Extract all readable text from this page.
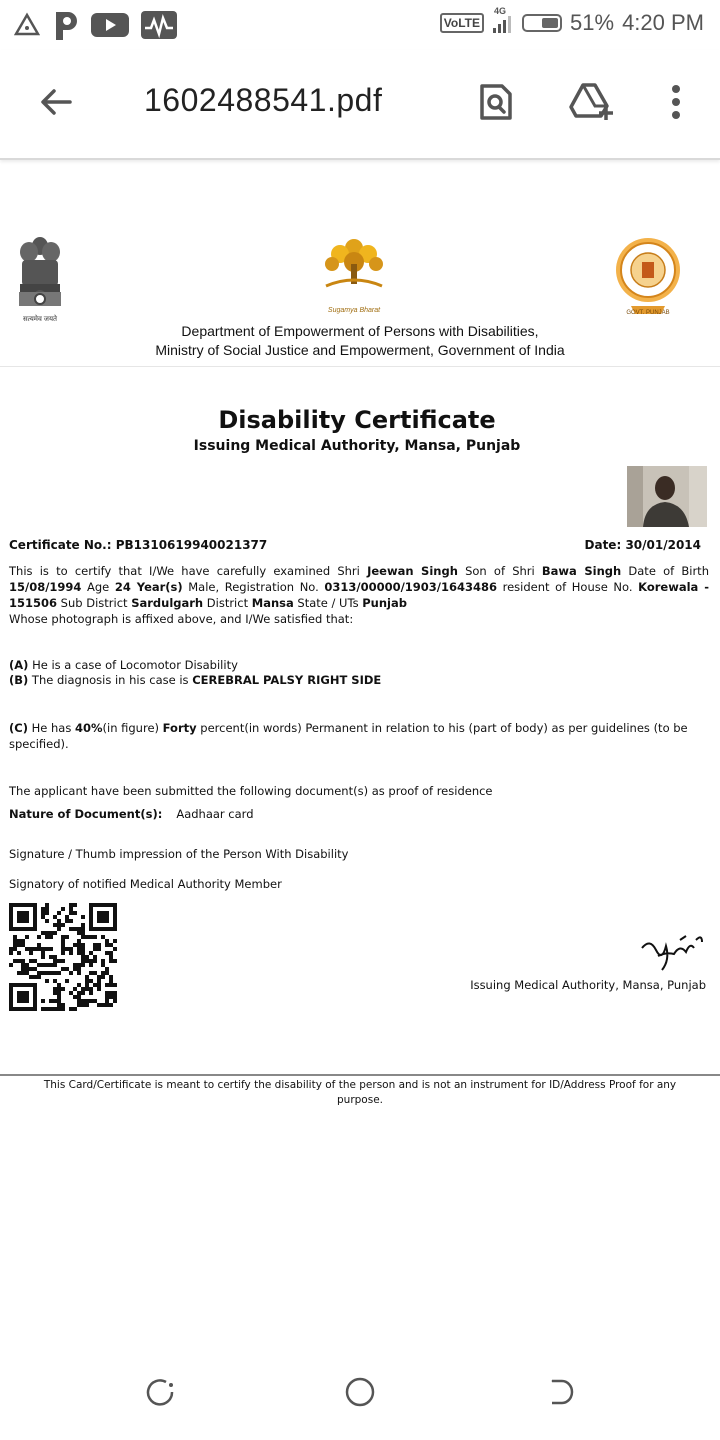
VoLTE
4G	51% 4:20 PM
1602488541.pdf
सत्यमेव जयते
Sugamya Bharat	GOVT. PUNJAB
Department of Empowerment of Persons with Disabilities,
Ministry of Social Justice and Empowerment, Government of India
Disability Certificate
Issuing Medical Authority, Mansa, Punjab
Certificate No.: PB1310619940021377	Date: 30/01/2014
This is to certify that I/We have carefully examined Shri Jeewan Singh Son of Shri Bawa Singh Date of Birth 15/08/1994 Age 24 Year(s) Male, Registration No. 0313/00000/1903/1643486 resident of House No. Korewala - 151506 Sub District Sardulgarh District Mansa State / UTs Punjab
Whose photograph is affixed above, and I/We satisfied that:
(A) He is a case of Locomotor Disability
(B) The diagnosis in his case is CEREBRAL PALSY RIGHT SIDE
(C) He has 40%(in figure) Forty percent(in words) Permanent in relation to his (part of body) as per guidelines (to be specified).
The applicant have been submitted the following document(s) as proof of residence
Nature of Document(s): Aadhaar card
Signature / Thumb impression of the Person With Disability
Signatory of notified Medical Authority Member
Issuing Medical Authority, Mansa, Punjab
This Card/Certificate is meant to certify the disability of the person and is not an instrument for ID/Address Proof for any purpose.
